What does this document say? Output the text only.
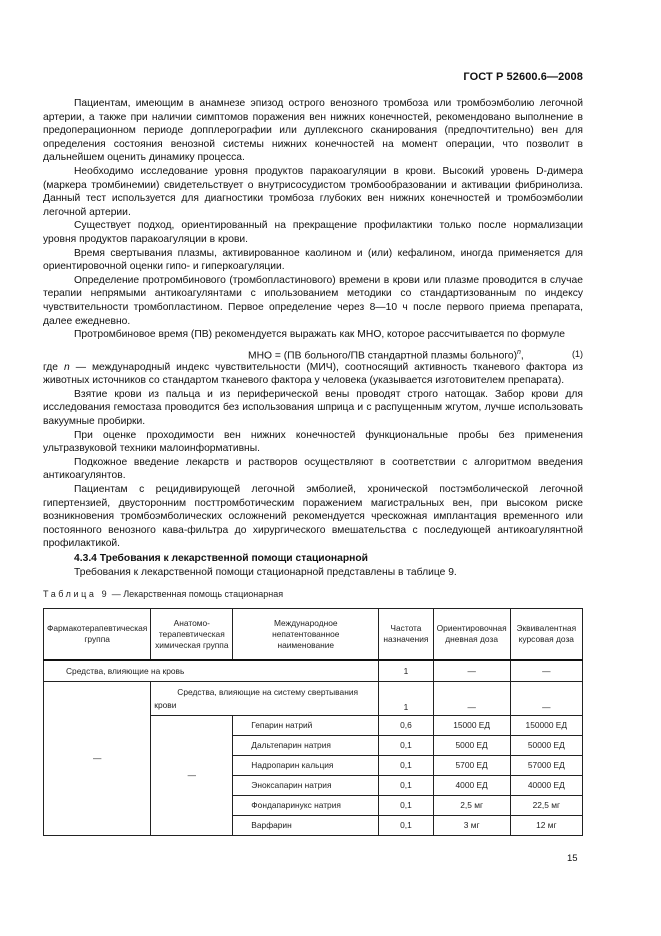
ГОСТ Р 52600.6—2008

Пациентам, имеющим в анамнезе эпизод острого венозного тромбоза или тромбоэмболию легочной артерии, а также при наличии симптомов поражения вен нижних конечностей, рекомендовано выполнение в предоперационном периоде допплерографии или дуплексного сканирования (предпочтительно) вен для определения состояния венозной системы нижних конечностей на момент операции, что позволит в дальнейшем оценить динамику процесса.

Необходимо исследование уровня продуктов паракоагуляции в крови. Высокий уровень D-димера (маркера тромбинемии) свидетельствует о внутрисосудистом тромбообразовании и активации фибринолиза. Данный тест используется для диагностики тромбоза глубоких вен нижних конечностей и тромбоэмболии легочной артерии.

Существует подход, ориентированный на прекращение профилактики только после нормализации уровня продуктов паракоагуляции в крови.

Время свертывания плазмы, активированное каолином и (или) кефалином, иногда применяется для ориентировочной оценки гипо- и гиперкоагуляции.

Определение протромбинового (тромбопластинового) времени в крови или плазме проводится в случае терапии непрямыми антикоагулянтами с ипользованием методики со стандартизованным по индексу чувствительности тромбопластином. Первое определение через 8—10 ч после первого приема препарата, далее ежедневно.

Протромбиновое время (ПВ) рекомендуется выражать как МНО, которое рассчитывается по формуле

МНО = (ПВ больного/ПВ стандартной плазмы больного)$^n$,	(1)
где n — международный индекс чувствительности (МИЧ), соотносящий активность тканевого фактора из животных источников со стандартом тканевого фактора у человека (указывается изготовителем препарата).

Взятие крови из пальца и из периферической вены проводят строго натощак. Забор крови для исследования гемостаза проводится без использования шприца и с распущенным жгутом, лучше использовать вакуумные пробирки.

При оценке проходимости вен нижних конечностей функциональные пробы без применения ультразвуковой техники малоинформативны.

Подкожное введение лекарств и растворов осуществляют в соответствии с алгоритмом введения антикоагулянтов.

Пациентам с рецидивирующей легочной эмболией, хронической постэмболической легочной гипертензией, двусторонним посттромботическим поражением магистральных вен, при высоком риске возникновения тромбоэмболических осложнений рекомендуется чрескожная имплантация временного или постоянного венозного кава-фильтра до хирургического вмешательства с последующей антикоагулянтной профилактикой.

4.3.4 Требования к лекарственной помощи стационарной

Требования к лекарственной помощи стационарной представлены в таблице 9.

Таблица 9 — Лекарственная помощь стационарная
Фармакотерапевтическая группа	Анатомо-терапевтическая химическая группа	Международное непатентованное наименование	Частота назначения	Ориентировочная дневная доза	Эквивалентная курсовая доза
Средства, влияющие на кровь			1	—	—
—	Средства, влияющие на систему свертывания крови		1	—	—
	—	Гепарин натрий	0,6	15000 ЕД	150000 ЕД
		Дальтепарин натрия	0,1	5000 ЕД	50000 ЕД
		Надропарин кальция	0,1	5700 ЕД	57000 ЕД
		Эноксапарин натрия	0,1	4000 ЕД	40000 ЕД
		Фондапаринукс натрия	0,1	2,5 мг	22,5 мг
		Варфарин	0,1	3 мг	12 мг
15
